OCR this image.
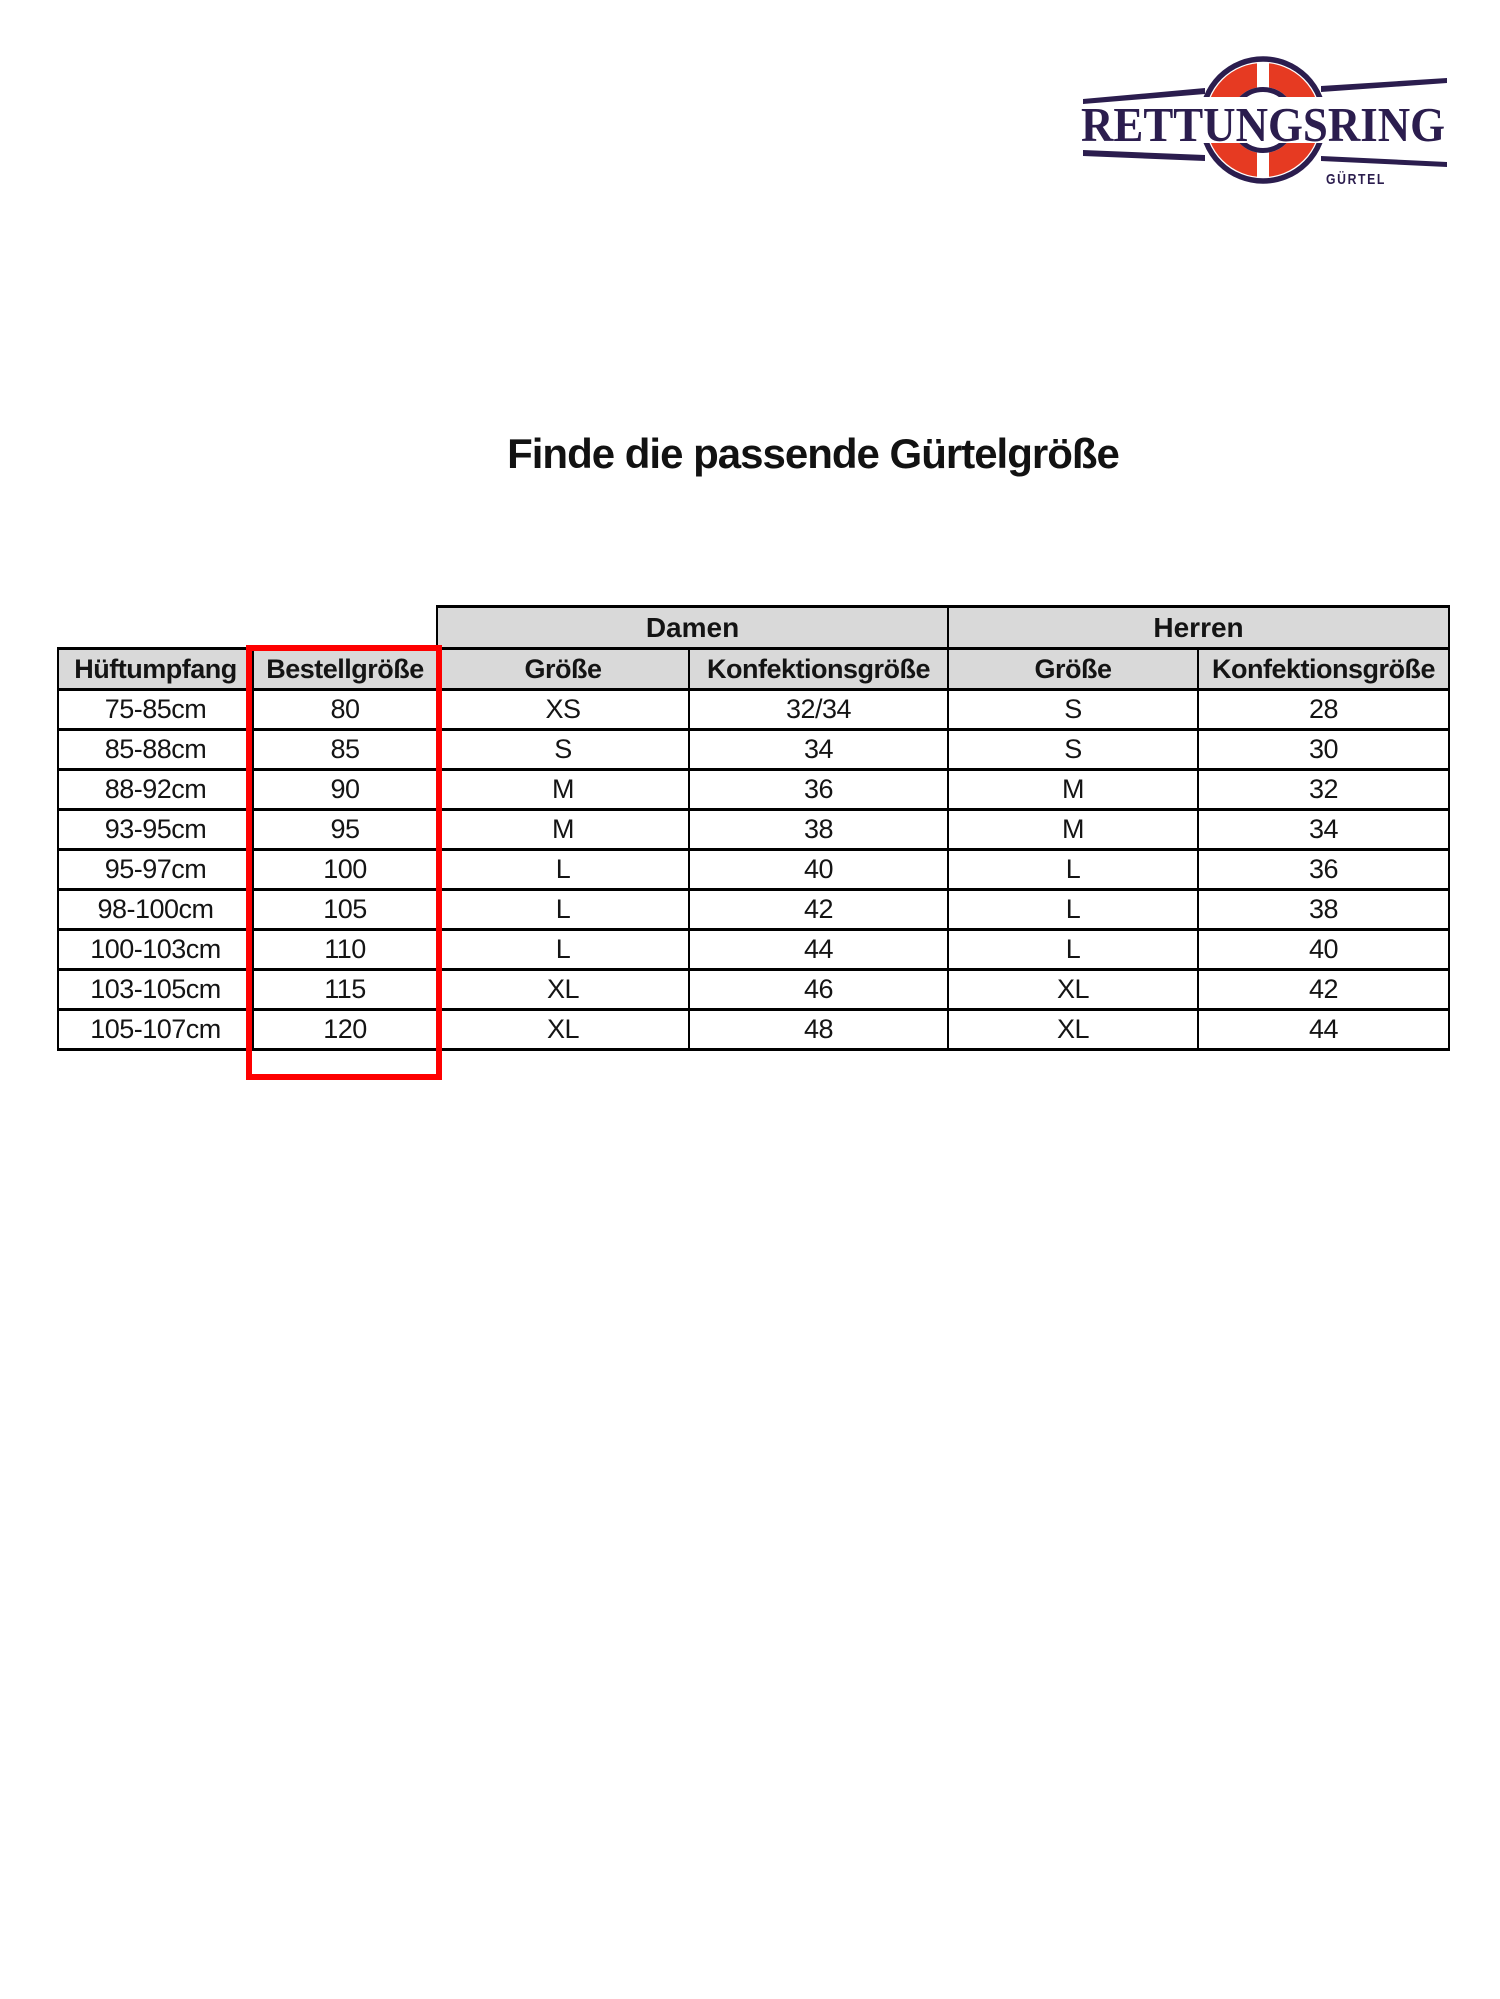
RETTUNGSRING
GÜRTEL
Finde die passende Gürtelgröße
		Damen		Herren	
Hüftumpfang	Bestellgröße	Größe	Konfektionsgröße	Größe	Konfektionsgröße
75-85cm	80	XS	32/34	S	28
85-88cm	85	S	34	S	30
88-92cm	90	M	36	M	32
93-95cm	95	M	38	M	34
95-97cm	100	L	40	L	36
98-100cm	105	L	42	L	38
100-103cm	110	L	44	L	40
103-105cm	115	XL	46	XL	42
105-107cm	120	XL	48	XL	44
